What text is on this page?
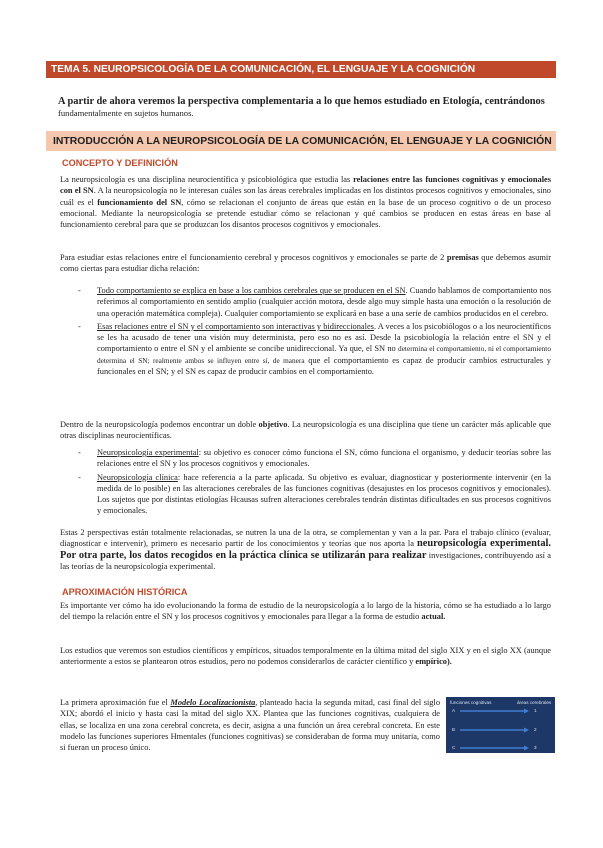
TEMA 5. NEUROPSICOLOGÍA DE LA COMUNICACIÓN, EL LENGUAJE Y LA COGNICIÓN
A partir de ahora veremos la perspectiva complementaria a lo que hemos estudiado en Etología, centrándonos
fundamentalmente en sujetos humanos.
INTRODUCCIÓN A LA NEUROPSICOLOGÍA DE LA COMUNICACIÓN, EL LENGUAJE Y LA COGNICIÓN
CONCEPTO Y DEFINICIÓN
La neuropsicología es una disciplina neurocientífica y psicobiológica que estudia las relaciones entre las funciones cognitivas y emocionales con el SN. A la neuropsicología no le interesan cuáles son las áreas cerebrales implicadas en los distintos procesos cognitivos y emocionales, sino cuál es el funcionamiento del SN, cómo se relacionan el conjunto de áreas que están en la base de un proceso cognitivo o de un proceso emocional. Mediante la neuropsicología se pretende estudiar cómo se relacionan y qué cambios se producen en estas áreas en base al funcionamiento cerebral para que se produzcan los disantos procesos cognitivos y emocionales.
Para estudiar estas relaciones entre el funcionamiento cerebral y procesos cognitivos y emocionales se parte de 2 premisas que debemos asumir como ciertas para estudiar dicha relación:
- Todo comportamiento se explica en base a los cambios cerebrales que se producen en el SN. Cuando hablamos de comportamiento nos referimos al comportamiento en sentido amplio (cualquier acción motora, desde algo muy simple hasta una emoción o la resolución de una operación matemática compleja). Cualquier comportamiento se explicará en base a una serie de cambios producidos en el cerebro.
- Esas relaciones entre el SN y el comportamiento son interactivas y bidireccionales. A veces a los psicobiólogos o a los neurocientíficos se les ha acusado de tener una visión muy determinista, pero eso no es así. Desde la psicobiología la relación entre el SN y el comportamiento o entre el SN y el ambiente se concibe unidireccional. Ya que, el SN no determina el comportamiento, ni el comportamiento determina el SN; realmente ambos se influyen entre sí, de manera que el comportamiento es capaz de producir cambios estructurales y funcionales en el SN; y el SN es capaz de producir cambios en el comportamiento.
Dentro de la neuropsicología podemos encontrar un doble objetivo. La neuropsicología es una disciplina que tiene un carácter más aplicable que otras disciplinas neurocientíficas.
- Neuropsicología experimental: su objetivo es conocer cómo funciona el SN, cómo funciona el organismo, y deducir teorías sobre las relaciones entre el SN y los procesos cognitivos y emocionales.
- Neuropsicología clínica: hace referencia a la parte aplicada. Su objetivo es evaluar, diagnosticar y posteriormente intervenir (en la medida de lo posible) en las alteraciones cerebrales de las funciones cognitivas (desajustes en los procesos cognitivos y emocionales). Los sujetos que por distintas etiologías Hcausas sufren alteraciones cerebrales tendrán distintas dificultades en sus procesos cognitivos y emocionales.
Estas 2 perspectivas están totalmente relacionadas, se nutren la una de la otra, se complementan y van a la par. Para el trabajo clínico (evaluar, diagnosticar e intervenir), primero es necesario partir de los conocimientos y teorías que nos aporta la neuropsicología experimental. Por otra parte, los datos recogidos en la práctica clínica se utilizarán para realizar investigaciones, contribuyendo así a las teorías de la neuropsicología experimental.
APROXIMACIÓN HISTÓRICA
Es importante ver cómo ha ido evolucionando la forma de estudio de la neuropsicología a lo largo de la historia, cómo se ha estudiado a lo largo del tiempo la relación entre el SN y los procesos cognitivos y emocionales para llegar a la forma de estudio actual.
Los estudios que veremos son estudios científicos y empíricos, situados temporalmente en la última mitad del siglo XIX y en el siglo XX (aunque anteriormente a estos se plantearon otros estudios, pero no podemos considerarlos de carácter científico y empírico).
La primera aproximación fue el Modelo Localizacionista, planteado hacia la segunda mitad, casi final del siglo XIX; abordó el inicio y hasta casi la mitad del siglo XX. Plantea que las funciones cognitivas, cualquiera de ellas, se localiza en una zona cerebral concreta, es decir, asigna a una función un área cerebral concreta. En este modelo las funciones superiores Hmentales (funciones cognitivas) se consideraban de forma muy unitaria, como si fueran un proceso único.
funciones cognitivas	áreas cerebrales
A	1
B	2
C	3
